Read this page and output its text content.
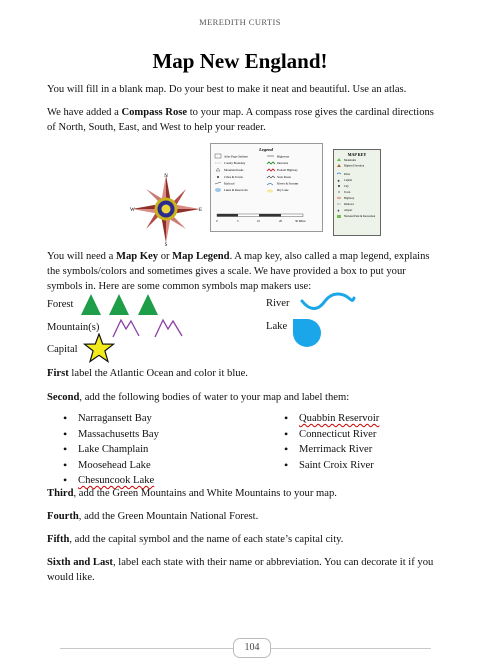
MEREDITH CURTIS
Map New England!
You will fill in a blank map. Do your best to make it neat and beautiful. Use an atlas.
We have added a Compass Rose to your map. A compass rose gives the cardinal directions of North, South, East, and West to help your reader.
Legend
Atlas Page Outlines
County Boundary
Mountain Peaks
Cities & Towns
Railroad
Lakes & Reservoirs
Highways
Interstate
Federal Highway
State Route
Rivers & Streams
Dry Lake
0	5	10	20	30 Miles
MAP KEY
Mountains
Highest Elevation
River
★	Capital
City
Town
Highway
Railroad
✈	Airport
National Park & Recreation
N
S
W	E
You will need a Map Key or Map Legend. A map key, also called a map legend, explains the symbols/colors and sometimes gives a scale. We have provided a box to put your symbols in. Here are some common symbols map makers use:
Forest	River
Mountain(s)	Lake
Capital
First label the Atlantic Ocean and color it blue.
Second, add the following bodies of water to your map and label them:
• Narragansett Bay
• Massachusetts Bay
• Lake Champlain
• Moosehead Lake
• Chesuncook Lake
• Quabbin Reservoir
• Connecticut River
• Merrimack River
• Saint Croix River
Third, add the Green Mountains and White Mountains to your map.
Fourth, add the Green Mountain National Forest.
Fifth, add the capital symbol and the name of each state’s capital city.
Sixth and Last, label each state with their name or abbreviation. You can decorate it if you would like.
104
